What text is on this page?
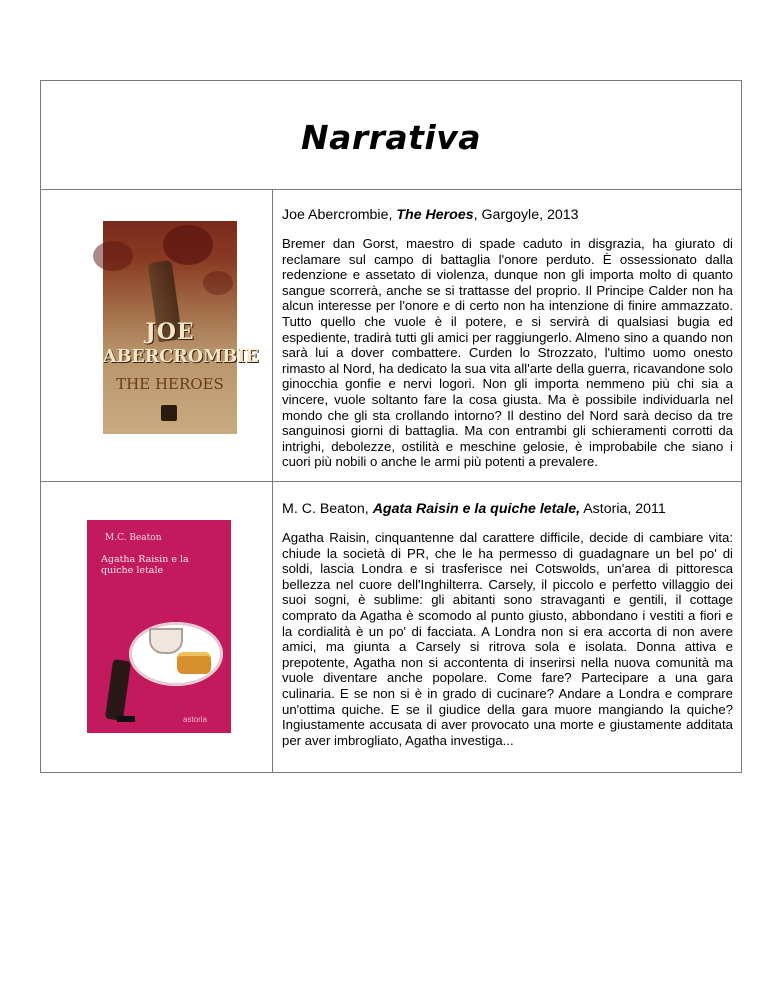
Narrativa
JOE
ABERCROMBIE
THE HEROES

Joe Abercrombie, The Heroes, Gargoyle, 2013

Bremer dan Gorst, maestro di spade caduto in disgrazia, ha giurato di reclamare sul campo di battaglia l'onore perduto. È ossessionato dalla redenzione e assetato di violenza, dunque non gli importa molto di quanto sangue scorrerà, anche se si trattasse del proprio. Il Principe Calder non ha alcun interesse per l'onore e di certo non ha intenzione di finire ammazzato. Tutto quello che vuole è il potere, e si servirà di qualsiasi bugia ed espediente, tradirà tutti gli amici per raggiungerlo. Almeno sino a quando non sarà lui a dover combattere. Curden lo Strozzato, l'ultimo uomo onesto rimasto al Nord, ha dedicato la sua vita all'arte della guerra, ricavandone solo ginocchia gonfie e nervi logori. Non gli importa nemmeno più chi sia a vincere, vuole soltanto fare la cosa giusta. Ma è possibile individuarla nel mondo che gli sta crollando intorno? Il destino del Nord sarà deciso da tre sanguinosi giorni di battaglia. Ma con entrambi gli schieramenti corrotti da intrighi, debolezze, ostilità e meschine gelosie, è improbabile che siano i cuori più nobili o anche le armi più potenti a prevalere.

M.C. Beaton
Agatha Raisin e la quiche letale
astoria

M. C. Beaton, Agata Raisin e la quiche letale, Astoria, 2011

Agatha Raisin, cinquantenne dal carattere difficile, decide di cambiare vita: chiude la società di PR, che le ha permesso di guadagnare un bel po' di soldi, lascia Londra e si trasferisce nei Cotswolds, un'area di pittoresca bellezza nel cuore dell'Inghilterra. Carsely, il piccolo e perfetto villaggio dei suoi sogni, è sublime: gli abitanti sono stravaganti e gentili, il cottage comprato da Agatha è scomodo al punto giusto, abbondano i vestiti a fiori e la cordialità è un po' di facciata. A Londra non si era accorta di non avere amici, ma giunta a Carsely si ritrova sola e isolata. Donna attiva e prepotente, Agatha non si accontenta di inserirsi nella nuova comunità ma vuole diventare anche popolare. Come fare? Partecipare a una gara culinaria. E se non si è in grado di cucinare? Andare a Londra e comprare un'ottima quiche. E se il giudice della gara muore mangiando la quiche? Ingiustamente accusata di aver provocato una morte e giustamente additata per aver imbrogliato, Agatha investiga...
